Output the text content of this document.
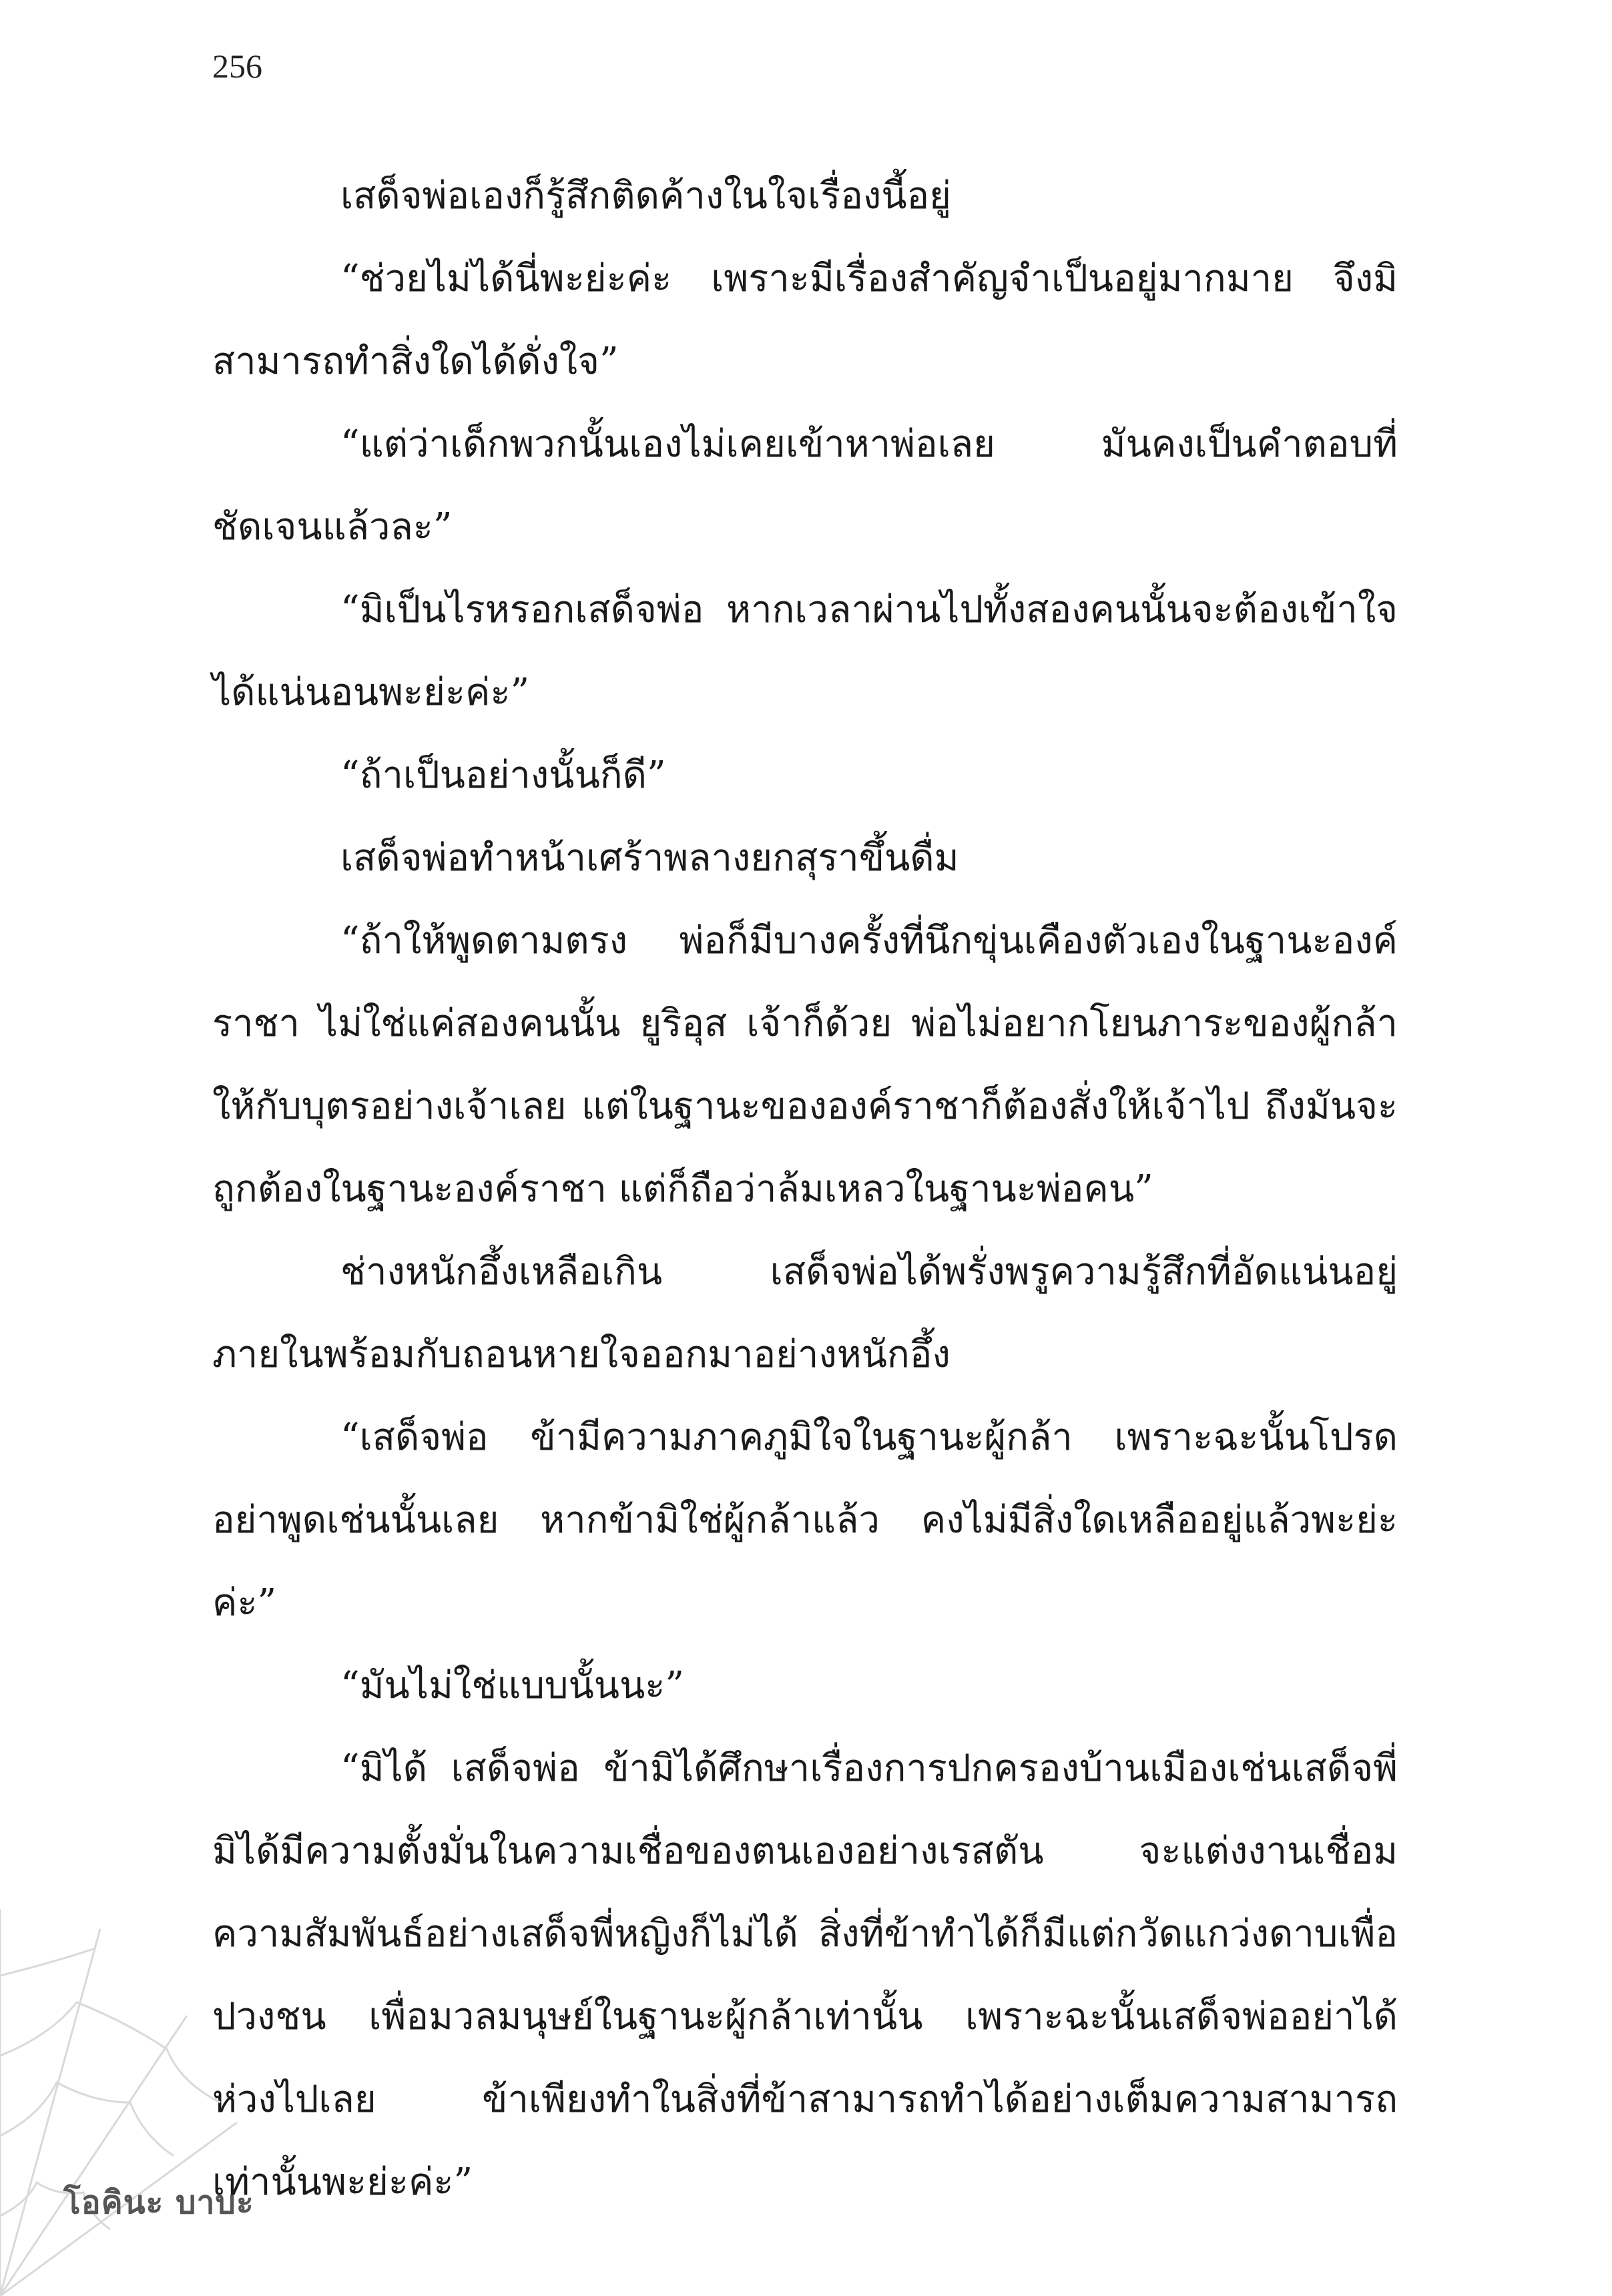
256

เสด็จพ่อเองก็รู้สึกติดค้างในใจเรื่องนี้อยู่

“ช่วยไม่ได้นี่พะย่ะค่ะ เพราะมีเรื่องสำคัญจำเป็นอยู่มากมาย จึงมิสามารถทำสิ่งใดได้ดั่งใจ”

“แต่ว่าเด็กพวกนั้นเองไม่เคยเข้าหาพ่อเลย มันคงเป็นคำตอบที่ชัดเจนแล้วละ”

“มิเป็นไรหรอกเสด็จพ่อ หากเวลาผ่านไปทั้งสองคนนั้นจะต้องเข้าใจได้แน่นอนพะย่ะค่ะ”

“ถ้าเป็นอย่างนั้นก็ดี”

เสด็จพ่อทำหน้าเศร้าพลางยกสุราขึ้นดื่ม

“ถ้าให้พูดตามตรง พ่อก็มีบางครั้งที่นึกขุ่นเคืองตัวเองในฐานะองค์ราชา ไม่ใช่แค่สองคนนั้น ยูริอุส เจ้าก็ด้วย พ่อไม่อยากโยนภาระของผู้กล้าให้กับบุตรอย่างเจ้าเลย แต่ในฐานะขององค์ราชาก็ต้องสั่งให้เจ้าไป ถึงมันจะถูกต้องในฐานะองค์ราชา แต่ก็ถือว่าล้มเหลวในฐานะพ่อคน”

ช่างหนักอึ้งเหลือเกิน เสด็จพ่อได้พรั่งพรูความรู้สึกที่อัดแน่นอยู่ภายในพร้อมกับถอนหายใจออกมาอย่างหนักอึ้ง

“เสด็จพ่อ ข้ามีความภาคภูมิใจในฐานะผู้กล้า เพราะฉะนั้นโปรดอย่าพูดเช่นนั้นเลย หากข้ามิใช่ผู้กล้าแล้ว คงไม่มีสิ่งใดเหลืออยู่แล้วพะย่ะค่ะ”

“มันไม่ใช่แบบนั้นนะ”

“มิได้ เสด็จพ่อ ข้ามิได้ศึกษาเรื่องการปกครองบ้านเมืองเช่นเสด็จพี่ มิได้มีความตั้งมั่นในความเชื่อของตนเองอย่างเรสตัน จะแต่งงานเชื่อมความสัมพันธ์อย่างเสด็จพี่หญิงก็ไม่ได้ สิ่งที่ข้าทำได้ก็มีแต่กวัดแกว่งดาบเพื่อปวงชน เพื่อมวลมนุษย์ในฐานะผู้กล้าเท่านั้น เพราะฉะนั้นเสด็จพ่ออย่าได้ห่วงไปเลย ข้าเพียงทำในสิ่งที่ข้าสามารถทำได้อย่างเต็มความสามารถเท่านั้นพะย่ะค่ะ”

โอคินะ บาบะ
